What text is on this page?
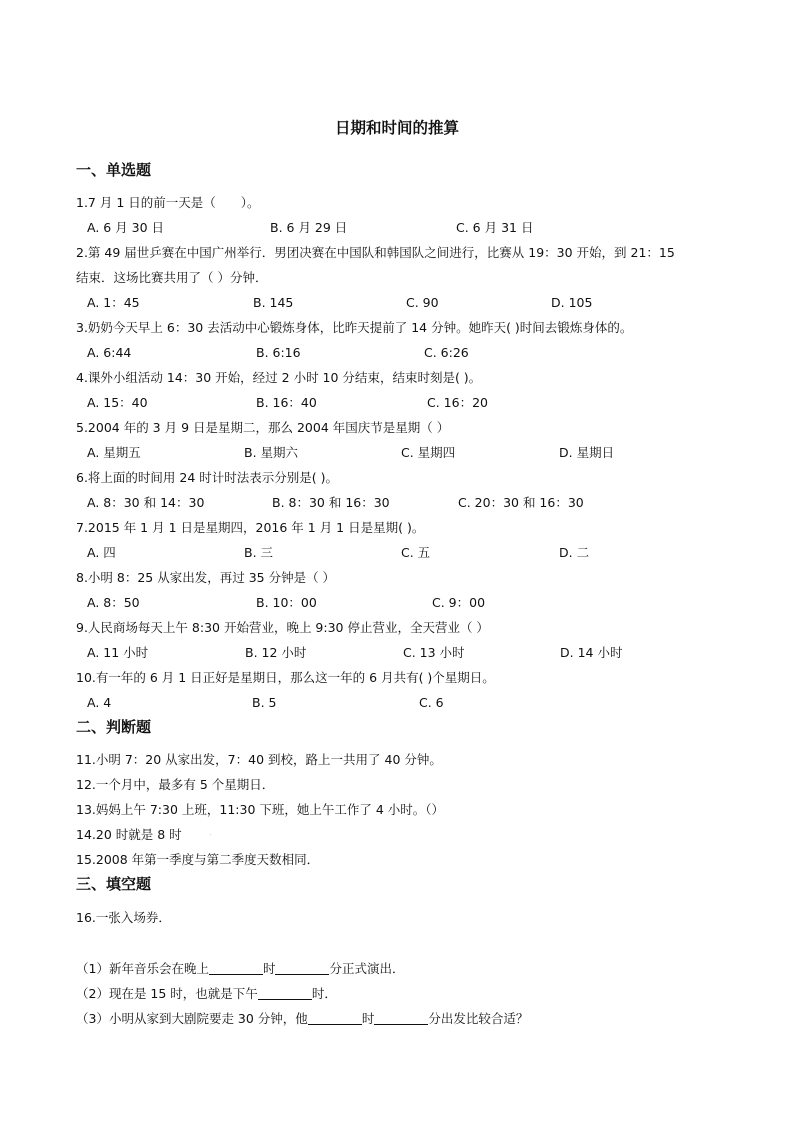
日期和时间的推算
一、单选题
1.7 月 1 日的前一天是（　　）。
A. 6 月 30 日	B. 6 月 29 日	C. 6 月 31 日
2.第 49 届世乒赛在中国广州举行．男团决赛在中国队和韩国队之间进行，比赛从 19：30 开始，到 21：15
结束．这场比赛共用了（ ）分钟．
A. 1：45	B. 145	C. 90	D. 105
3.奶奶今天早上 6：30 去活动中心锻炼身体，比昨天提前了 14 分钟。她昨天( )时间去锻炼身体的。
A. 6:44	B. 6:16	C. 6:26
4.课外小组活动 14：30 开始，经过 2 小时 10 分结束，结束时刻是( )。
A. 15：40	B. 16：40	C. 16：20
5.2004 年的 3 月 9 日是星期二，那么 2004 年国庆节是星期（ ）
A. 星期五	B. 星期六	C. 星期四	D. 星期日
6.将上面的时间用 24 时计时法表示分别是( )。
A. 8：30 和 14：30	B. 8：30 和 16：30	C. 20：30 和 16：30
7.2015 年 1 月 1 日是星期四，2016 年 1 月 1 日是星期( )。
A. 四	B. 三	C. 五	D. 二
8.小明 8：25 从家出发，再过 35 分钟是（ ）
A. 8：50	B. 10：00	C. 9：00
9.人民商场每天上午 8:30 开始营业，晚上 9:30 停止营业，全天营业（ ）
A. 11 小时	B. 12 小时	C. 13 小时	D. 14 小时
10.有一年的 6 月 1 日正好是星期日，那么这一年的 6 月共有( )个星期日。
A. 4	B. 5	C. 6
二、判断题
11.小明 7：20 从家出发，7：40 到校，路上一共用了 40 分钟。
12.一个月中，最多有 5 个星期日．
13.妈妈上午 7:30 上班，11:30 下班，她上午工作了 4 小时。（）
14.20 时就是 8 时	·
15.2008 年第一季度与第二季度天数相同．
三、填空题
16.一张入场券．
（1）新年音乐会在晚上	时	分正式演出．
（2）现在是 15 时，也就是下午	时．
（3）小明从家到大剧院要走 30 分钟，他	时	分出发比较合适？
